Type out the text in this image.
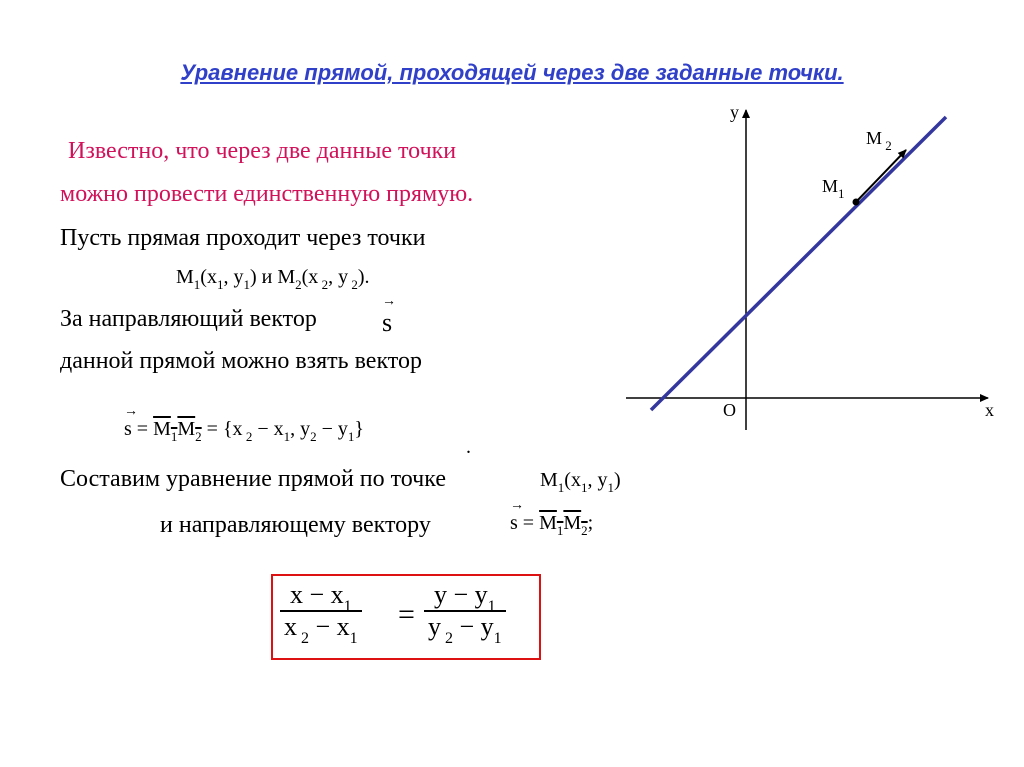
Уравнение прямой, проходящей через две заданные точки.
Известно, что через две данные точки
можно провести единственную прямую.
Пусть прямая проходит через точки
$M_1(x_1$, $y_1$) и $M_2(x$ $_2$, y $_2$).
За направляющий вектор	→ s
данной прямой можно взять вектор
→ $s = M_1M_2 = \{x$ $_2 - x_1$, $y_2 - y_1$}
.
Составим уравнение прямой по точке	$M_1(x_1$, $y_1$)
и направляющему вектору	→ $s = M_1M_2$;
$\frac{x - x_1}{x _2 - x_1} = \frac{y - y_1}{y _2 - y_1}$
y
x
O
M $_2$
$M_1$
